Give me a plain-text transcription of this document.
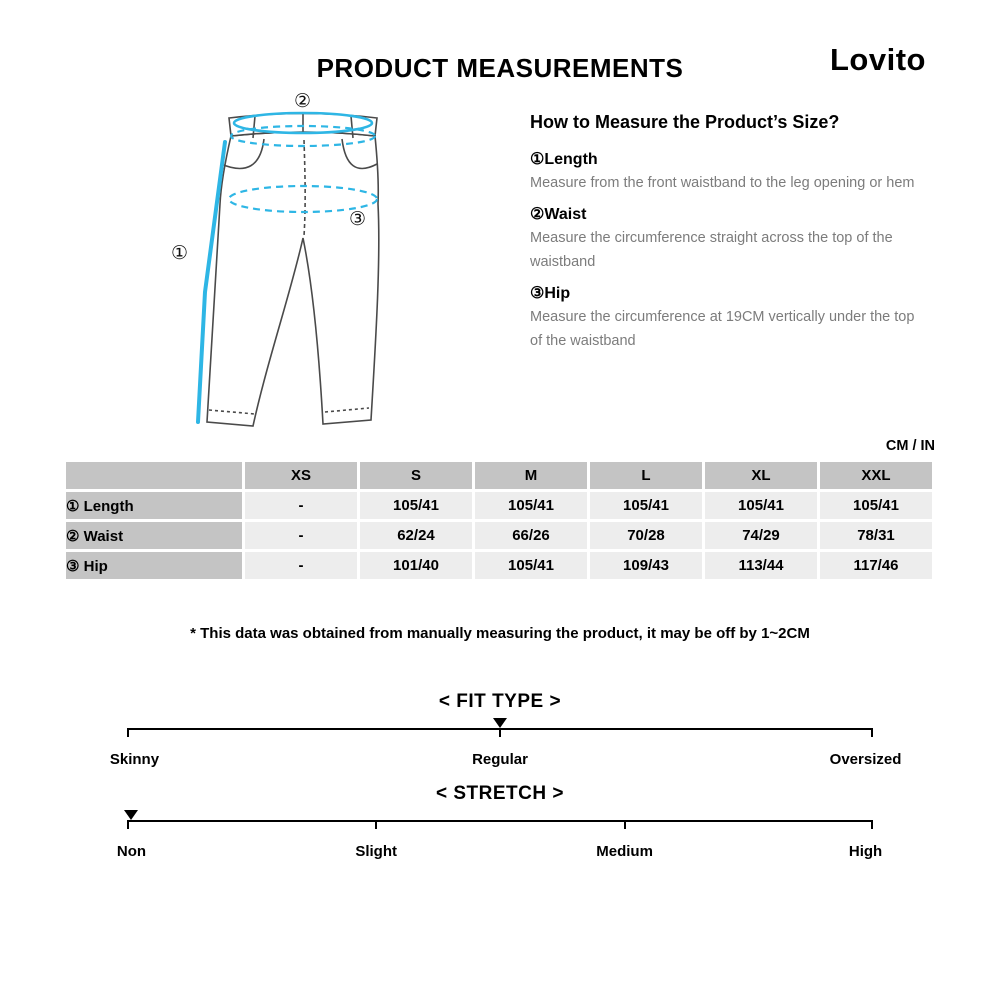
PRODUCT MEASUREMENTS	Lovito
②
①
③
How to Measure the Product’s Size?
①Length
Measure from the front waistband to the leg opening or hem
②Waist
Measure the circumference straight across the top of the waistband
③Hip
Measure the circumference at 19CM vertically under the top of the waistband
CM / IN
	XS	S	M	L	XL	XXL
① Length	-	105/41	105/41	105/41	105/41	105/41
② Waist	-	62/24	66/26	70/28	74/29	78/31
③ Hip	-	101/40	105/41	109/43	113/44	117/46

* This data was obtained from manually measuring the product, it may be off by 1~2CM

< FIT TYPE >
Skinny	Regular	Oversized
< STRETCH >
Non	Slight	Medium	High
